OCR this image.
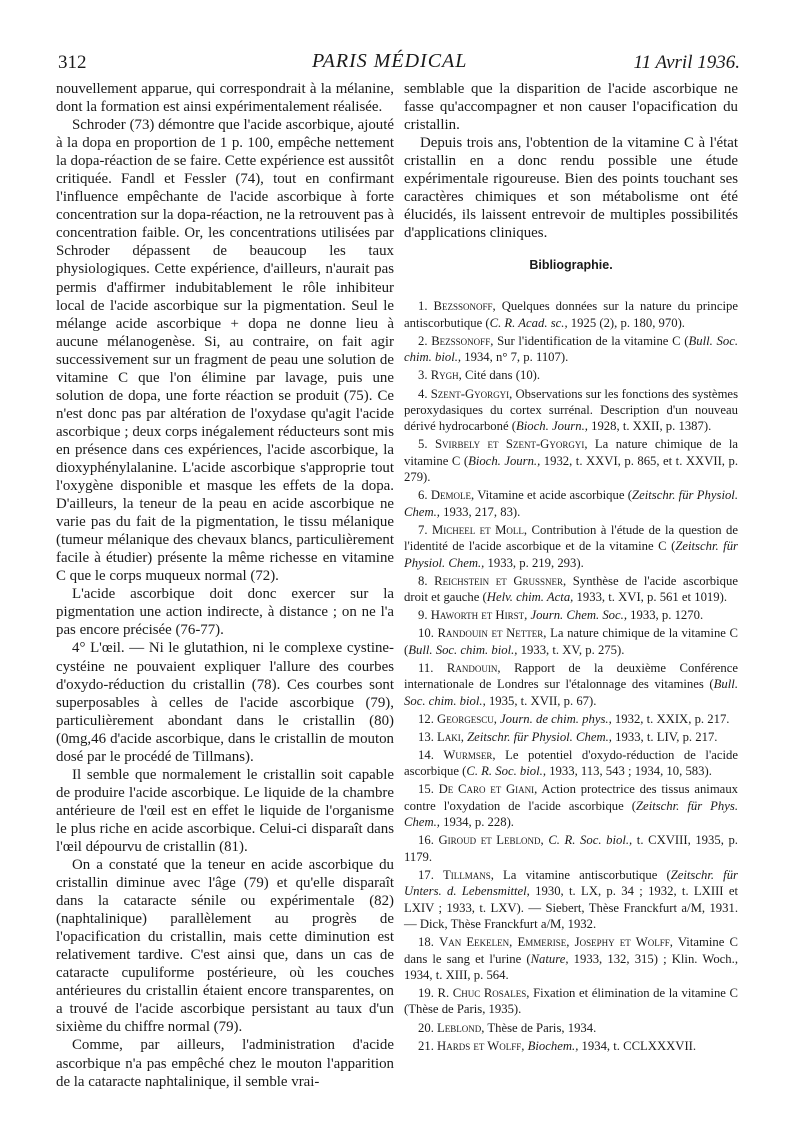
312	PARIS MÉDICAL	11 Avril 1936.

nouvellement apparue, qui correspondrait à la mélanine, dont la formation est ainsi expérimentalement réalisée.

Schroder (73) démontre que l'acide ascorbique, ajouté à la dopa en proportion de 1 p. 100, empêche nettement la dopa-réaction de se faire. Cette expérience est aussitôt critiquée. Fandl et Fessler (74), tout en confirmant l'influence empêchante de l'acide ascorbique à forte concentration sur la dopa-réaction, ne la retrouvent pas à concentration faible. Or, les concentrations utilisées par Schroder dépassent de beaucoup les taux physiologiques. Cette expérience, d'ailleurs, n'aurait pas permis d'affirmer indubitablement le rôle inhibiteur local de l'acide ascorbique sur la pigmentation. Seul le mélange acide ascorbique + dopa ne donne lieu à aucune mélanogenèse. Si, au contraire, on fait agir successivement sur un fragment de peau une solution de vitamine C que l'on élimine par lavage, puis une solution de dopa, une forte réaction se produit (75). Ce n'est donc pas par altération de l'oxydase qu'agit l'acide ascorbique ; deux corps inégalement réducteurs sont mis en présence dans ces expériences, l'acide ascorbique, la dioxyphénylalanine. L'acide ascorbique s'approprie tout l'oxygène disponible et masque les effets de la dopa. D'ailleurs, la teneur de la peau en acide ascorbique ne varie pas du fait de la pigmentation, le tissu mélanique (tumeur mélanique des chevaux blancs, particulièrement facile à étudier) présente la même richesse en vitamine C que le corps muqueux normal (72).

L'acide ascorbique doit donc exercer sur la pigmentation une action indirecte, à distance ; on ne l'a pas encore précisée (76-77).

4° L'œil. — Ni le glutathion, ni le complexe cystine-cystéine ne pouvaient expliquer l'allure des courbes d'oxydo-réduction du cristallin (78). Ces courbes sont superposables à celles de l'acide ascorbique (79), particulièrement abondant dans le cristallin (80) (0mg,46 d'acide ascorbique, dans le cristallin de mouton dosé par le procédé de Tillmans).

Il semble que normalement le cristallin soit capable de produire l'acide ascorbique. Le liquide de la chambre antérieure de l'œil est en effet le liquide de l'organisme le plus riche en acide ascorbique. Celui-ci disparaît dans l'œil dépourvu de cristallin (81).

On a constaté que la teneur en acide ascorbique du cristallin diminue avec l'âge (79) et qu'elle disparaît dans la cataracte sénile ou expérimentale (82) (naphtalinique) parallèlement au progrès de l'opacification du cristallin, mais cette diminution est relativement tardive. C'est ainsi que, dans un cas de cataracte cupuliforme postérieure, où les couches antérieures du cristallin étaient encore transparentes, on a trouvé de l'acide ascorbique persistant au taux d'un sixième du chiffre normal (79).

Comme, par ailleurs, l'administration d'acide ascorbique n'a pas empêché chez le mouton l'apparition de la cataracte naphtalinique, il semble vrai-

semblable que la disparition de l'acide ascorbique ne fasse qu'accompagner et non causer l'opacification du cristallin.

Depuis trois ans, l'obtention de la vitamine C à l'état cristallin en a donc rendu possible une étude expérimentale rigoureuse. Bien des points touchant ses caractères chimiques et son métabolisme ont été élucidés, ils laissent entrevoir de multiples possibilités d'applications cliniques.

Bibliographie.

1. Bezssonoff, Quelques données sur la nature du principe antiscorbutique (C. R. Acad. sc., 1925 (2), p. 180, 970).

2. Bezssonoff, Sur l'identification de la vitamine C (Bull. Soc. chim. biol., 1934, n° 7, p. 1107).

3. Rygh, Cité dans (10).

4. Szent-Gyorgyi, Observations sur les fonctions des systèmes peroxydasiques du cortex surrénal. Description d'un nouveau dérivé hydrocarboné (Bioch. Journ., 1928, t. XXII, p. 1387).

5. Svirbely et Szent-Gyorgyi, La nature chimique de la vitamine C (Bioch. Journ., 1932, t. XXVI, p. 865, et t. XXVII, p. 279).

6. Demole, Vitamine et acide ascorbique (Zeitschr. für Physiol. Chem., 1933, 217, 83).

7. Micheel et Moll, Contribution à l'étude de la question de l'identité de l'acide ascorbique et de la vitamine C (Zeitschr. für Physiol. Chem., 1933, p. 219, 293).

8. Reichstein et Grussner, Synthèse de l'acide ascorbique droit et gauche (Helv. chim. Acta, 1933, t. XVI, p. 561 et 1019).

9. Haworth et Hirst, Journ. Chem. Soc., 1933, p. 1270.

10. Randouin et Netter, La nature chimique de la vitamine C (Bull. Soc. chim. biol., 1933, t. XV, p. 275).

11. Randouin, Rapport de la deuxième Conférence internationale de Londres sur l'étalonnage des vitamines (Bull. Soc. chim. biol., 1935, t. XVII, p. 67).

12. Georgescu, Journ. de chim. phys., 1932, t. XXIX, p. 217.

13. Laki, Zeitschr. für Physiol. Chem., 1933, t. LIV, p. 217.

14. Wurmser, Le potentiel d'oxydo-réduction de l'acide ascorbique (C. R. Soc. biol., 1933, 113, 543 ; 1934, 10, 583).

15. De Caro et Giani, Action protectrice des tissus animaux contre l'oxydation de l'acide ascorbique (Zeitschr. für Phys. Chem., 1934, p. 228).

16. Giroud et Leblond, C. R. Soc. biol., t. CXVIII, 1935, p. 1179.

17. Tillmans, La vitamine antiscorbutique (Zeitschr. für Unters. d. Lebensmittel, 1930, t. LX, p. 34 ; 1932, t. LXIII et LXIV ; 1933, t. LXV). — Siebert, Thèse Franckfurt a/M, 1931. — Dick, Thèse Franckfurt a/M, 1932.

18. Van Eekelen, Emmerise, Josephy et Wolff, Vitamine C dans le sang et l'urine (Nature, 1933, 132, 315) ; Klin. Woch., 1934, t. XIII, p. 564.

19. R. Chuc Rosales, Fixation et élimination de la vitamine C (Thèse de Paris, 1935).

20. Leblond, Thèse de Paris, 1934.

21. Hards et Wolff, Biochem., 1934, t. CCLXXXVII.
